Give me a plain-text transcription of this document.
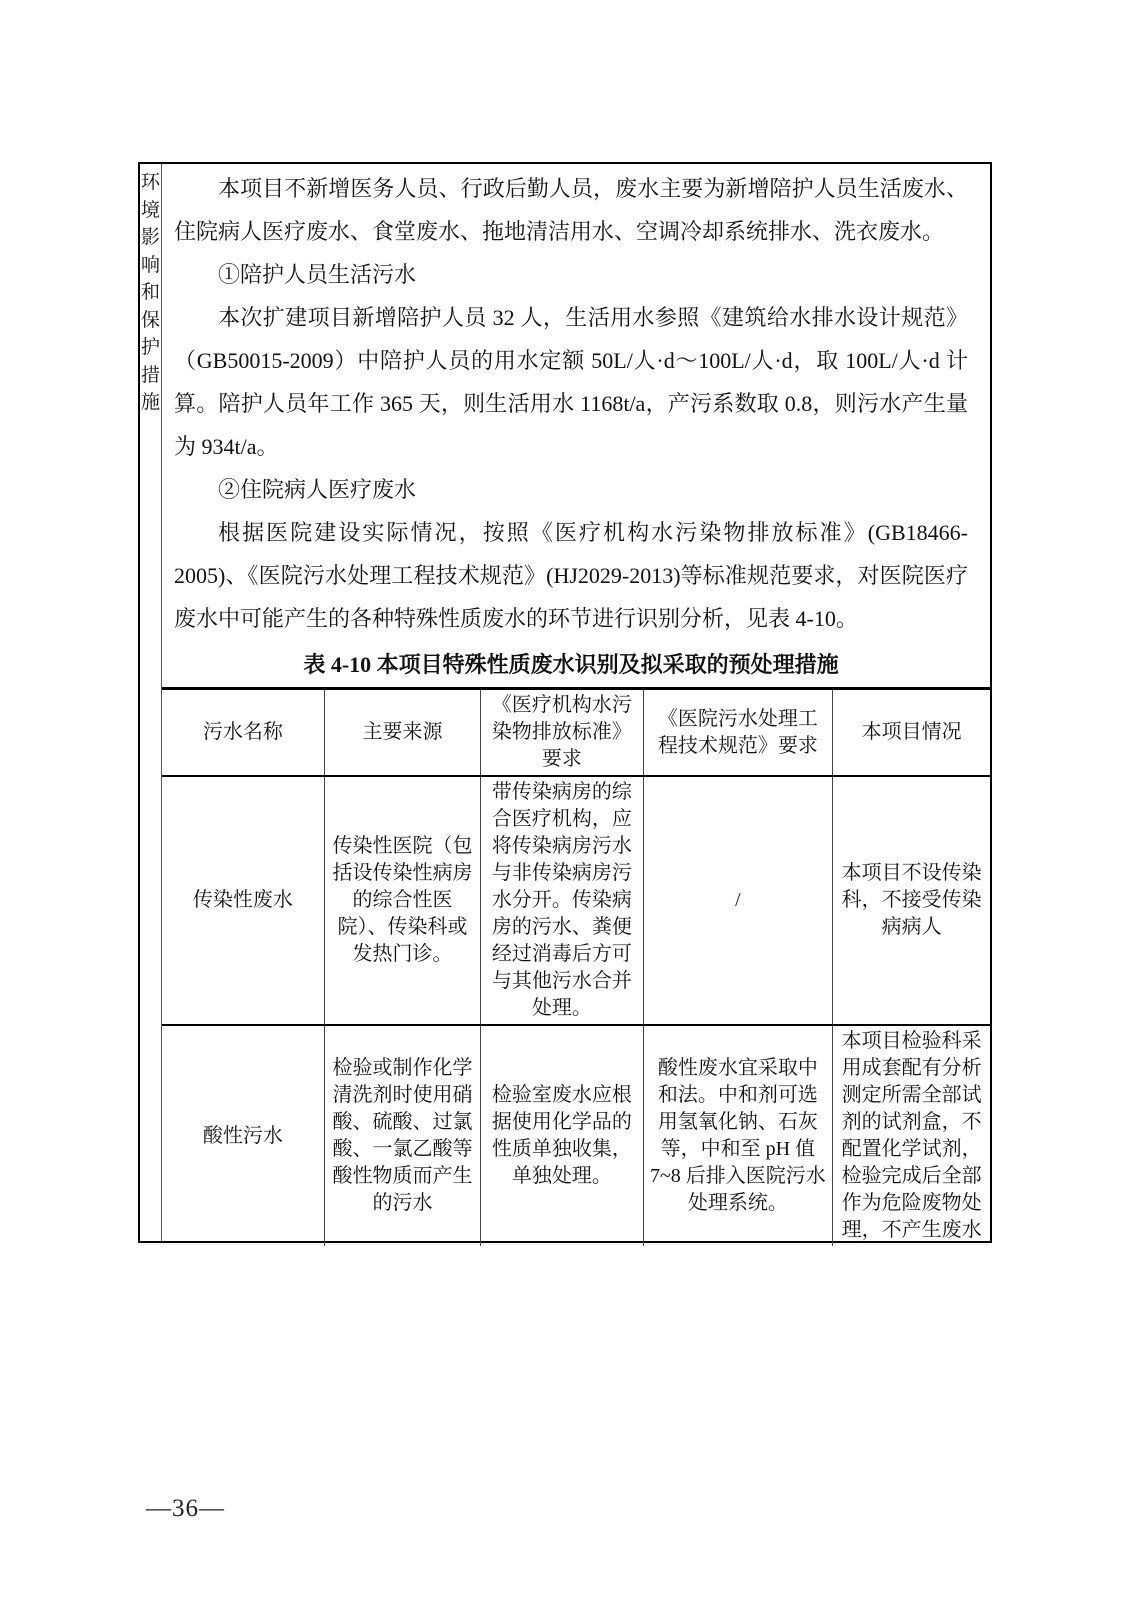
环境影响和保护措施

本项目不新增医务人员、行政后勤人员，废水主要为新增陪护人员生活废水、住院病人医疗废水、食堂废水、拖地清洁用水、空调冷却系统排水、洗衣废水。

①陪护人员生活污水

本次扩建项目新增陪护人员 32 人，生活用水参照《建筑给水排水设计规范》（GB50015-2009）中陪护人员的用水定额 50L/人·d～100L/人·d，取 100L/人·d 计算。陪护人员年工作 365 天，则生活用水 1168t/a，产污系数取 0.8，则污水产生量为 934t/a。

②住院病人医疗废水

根据医院建设实际情况，按照《医疗机构水污染物排放标准》(GB18466-2005)、《医院污水处理工程技术规范》(HJ2029-2013)等标准规范要求，对医院医疗废水中可能产生的各种特殊性质废水的环节进行识别分析，见表 4-10。

表 4-10 本项目特殊性质废水识别及拟采取的预处理措施
污水名称	主要来源	《医疗机构水污染物排放标准》要求	《医院污水处理工程技术规范》要求	本项目情况
传染性废水	传染性医院（包括设传染性病房的综合性医院）、传染科或发热门诊。	带传染病房的综合医疗机构，应将传染病房污水与非传染病房污水分开。传染病房的污水、粪便经过消毒后方可与其他污水合并处理。	/	本项目不设传染科，不接受传染病病人
酸性污水	检验或制作化学清洗剂时使用硝酸、硫酸、过氯酸、一氯乙酸等酸性物质而产生的污水	检验室废水应根据使用化学品的性质单独收集，单独处理。	酸性废水宜采取中和法。中和剂可选用氢氧化钠、石灰等，中和至 pH 值 7~8 后排入医院污水处理系统。	本项目检验科采用成套配有分析测定所需全部试剂的试剂盒，不配置化学试剂，检验完成后全部作为危险废物处理，不产生废水
—36—
